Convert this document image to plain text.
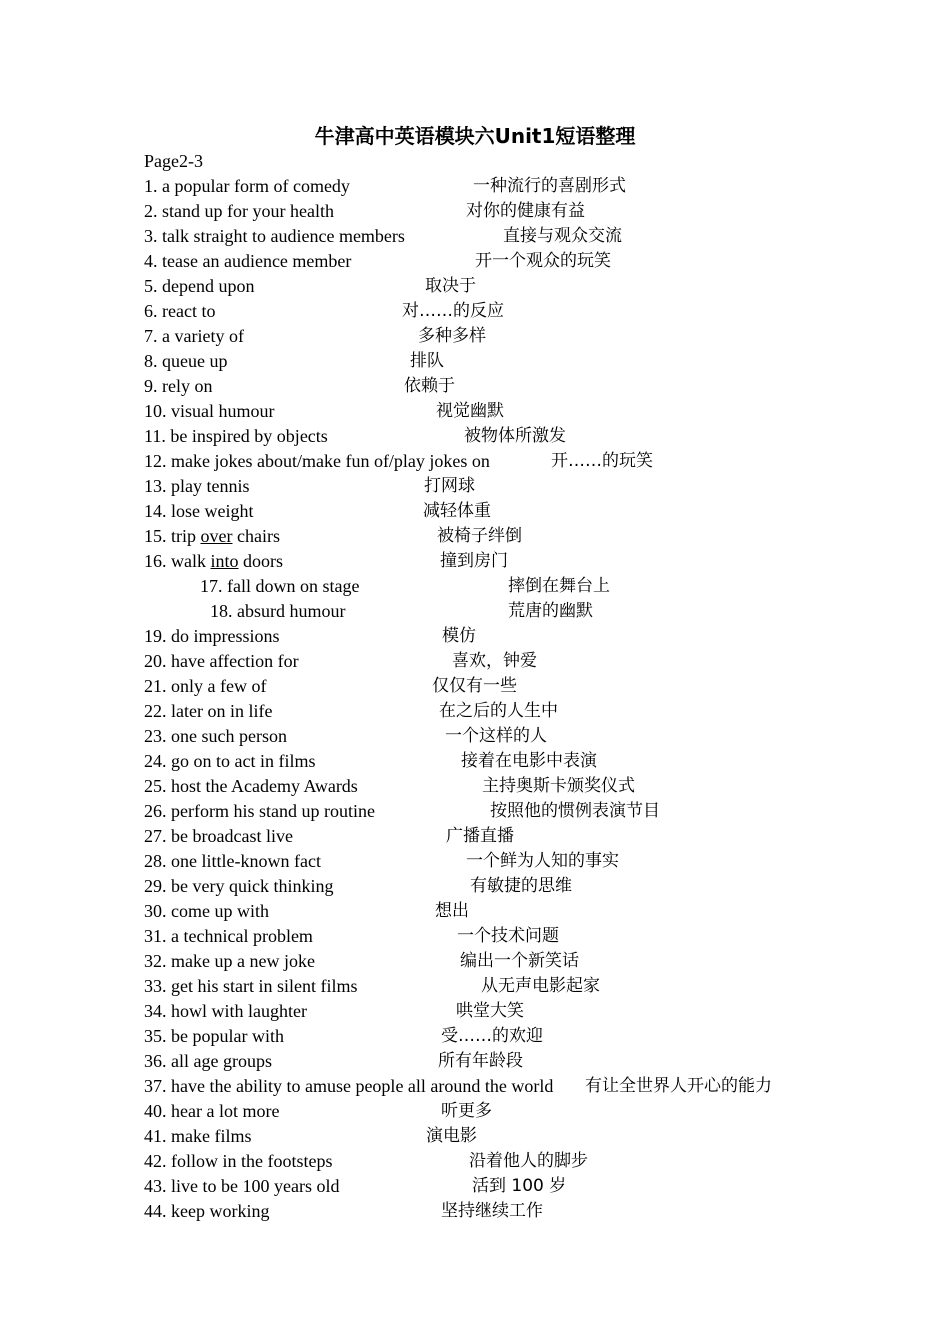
牛津高中英语模块六Unit1短语整理
Page2-3
1. a popular form of comedy	一种流行的喜剧形式
2. stand up for your health	对你的健康有益
3. talk straight to audience members	直接与观众交流
4. tease an audience member	开一个观众的玩笑
5. depend upon	取决于
6. react to	对……的反应
7. a variety of	多种多样
8. queue up	排队
9. rely on	依赖于
10. visual humour	视觉幽默
11. be inspired by objects	被物体所激发
12. make jokes about/make fun of/play jokes on	开……的玩笑
13. play tennis	打网球
14. lose weight	减轻体重
15. trip over chairs	被椅子绊倒
16. walk into doors	撞到房门
17. fall down on stage	摔倒在舞台上
18. absurd humour	荒唐的幽默
19. do impressions	模仿
20. have affection for	喜欢，钟爱
21. only a few of	仅仅有一些
22. later on in life	在之后的人生中
23. one such person	一个这样的人
24. go on to act in films	接着在电影中表演
25. host the Academy Awards	主持奥斯卡颁奖仪式
26. perform his stand up routine	按照他的惯例表演节目
27. be broadcast live	广播直播
28. one little-known fact	一个鲜为人知的事实
29. be very quick thinking	有敏捷的思维
30. come up with	想出
31. a technical problem	一个技术问题
32. make up a new joke	编出一个新笑话
33. get his start in silent films	从无声电影起家
34. howl with laughter	哄堂大笑
35. be popular with	受……的欢迎
36. all age groups	所有年龄段
37. have the ability to amuse people all around the world 有让全世界人开心的能力
40. hear a lot more	听更多
41. make films	演电影
42. follow in the footsteps	沿着他人的脚步
43. live to be 100 years old	活到 100 岁
44. keep working	坚持继续工作
